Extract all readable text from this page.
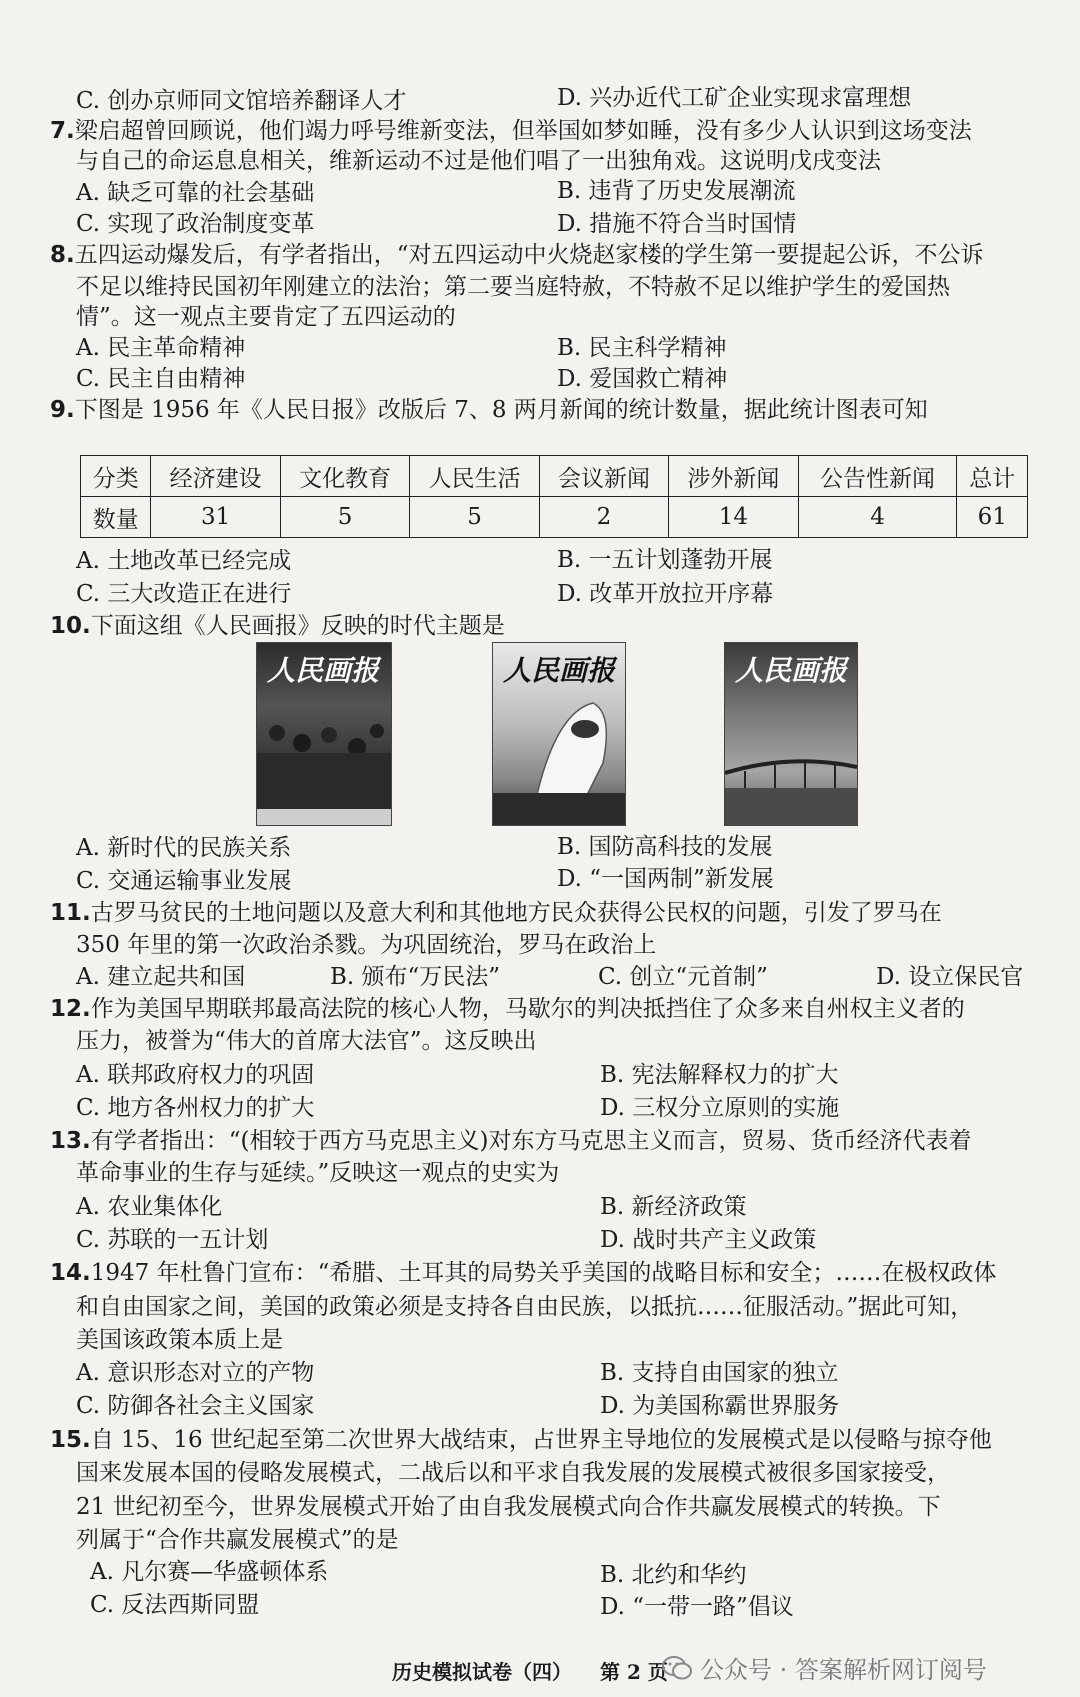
C. 创办京师同文馆培养翻译人才	D. 兴办近代工矿企业实现求富理想
7.梁启超曾回顾说，他们竭力呼号维新变法，但举国如梦如睡，没有多少人认识到这场变法
与自己的命运息息相关，维新运动不过是他们唱了一出独角戏。这说明戊戌变法
A. 缺乏可靠的社会基础	B. 违背了历史发展潮流
C. 实现了政治制度变革	D. 措施不符合当时国情
8.五四运动爆发后，有学者指出，“对五四运动中火烧赵家楼的学生第一要提起公诉，不公诉
不足以维持民国初年刚建立的法治；第二要当庭特赦，不特赦不足以维护学生的爱国热
情”。这一观点主要肯定了五四运动的
A. 民主革命精神	B. 民主科学精神
C. 民主自由精神	D. 爱国救亡精神
9.下图是 1956 年《人民日报》改版后 7、8 两月新闻的统计数量，据此统计图表可知
分类	经济建设	文化教育	人民生活	会议新闻	涉外新闻	公告性新闻	总计
数量	31	5	5	2	14	4	61
A. 土地改革已经完成	B. 一五计划蓬勃开展
C. 三大改造正在进行	D. 改革开放拉开序幕
10.下面这组《人民画报》反映的时代主题是
人民画报	人民画报	人民画报
A. 新时代的民族关系	B. 国防高科技的发展
C. 交通运输事业发展	D. “一国两制”新发展
11.古罗马贫民的土地问题以及意大利和其他地方民众获得公民权的问题，引发了罗马在
350 年里的第一次政治杀戮。为巩固统治，罗马在政治上
A. 建立起共和国	B. 颁布“万民法”	C. 创立“元首制”	D. 设立保民官
12.作为美国早期联邦最高法院的核心人物，马歇尔的判决抵挡住了众多来自州权主义者的
压力，被誉为“伟大的首席大法官”。这反映出
A. 联邦政府权力的巩固	B. 宪法解释权力的扩大
C. 地方各州权力的扩大	D. 三权分立原则的实施
13.有学者指出：“(相较于西方马克思主义)对东方马克思主义而言，贸易、货币经济代表着
革命事业的生存与延续。”反映这一观点的史实为
A. 农业集体化	B. 新经济政策
C. 苏联的一五计划	D. 战时共产主义政策
14.1947 年杜鲁门宣布：“希腊、土耳其的局势关乎美国的战略目标和安全；……在极权政体
和自由国家之间，美国的政策必须是支持各自由民族，以抵抗……征服活动。”据此可知，
美国该政策本质上是
A. 意识形态对立的产物	B. 支持自由国家的独立
C. 防御各社会主义国家	D. 为美国称霸世界服务
15.自 15、16 世纪起至第二次世界大战结束，占世界主导地位的发展模式是以侵略与掠夺他
国来发展本国的侵略发展模式，二战后以和平求自我发展的发展模式被很多国家接受，
21 世纪初至今，世界发展模式开始了由自我发展模式向合作共赢发展模式的转换。下
列属于“合作共赢发展模式”的是
A. 凡尔赛—华盛顿体系	B. 北约和华约
C. 反法西斯同盟	D. “一带一路”倡议
历史模拟试卷（四） 第 2 页 公众号 · 答案解析网订阅号
